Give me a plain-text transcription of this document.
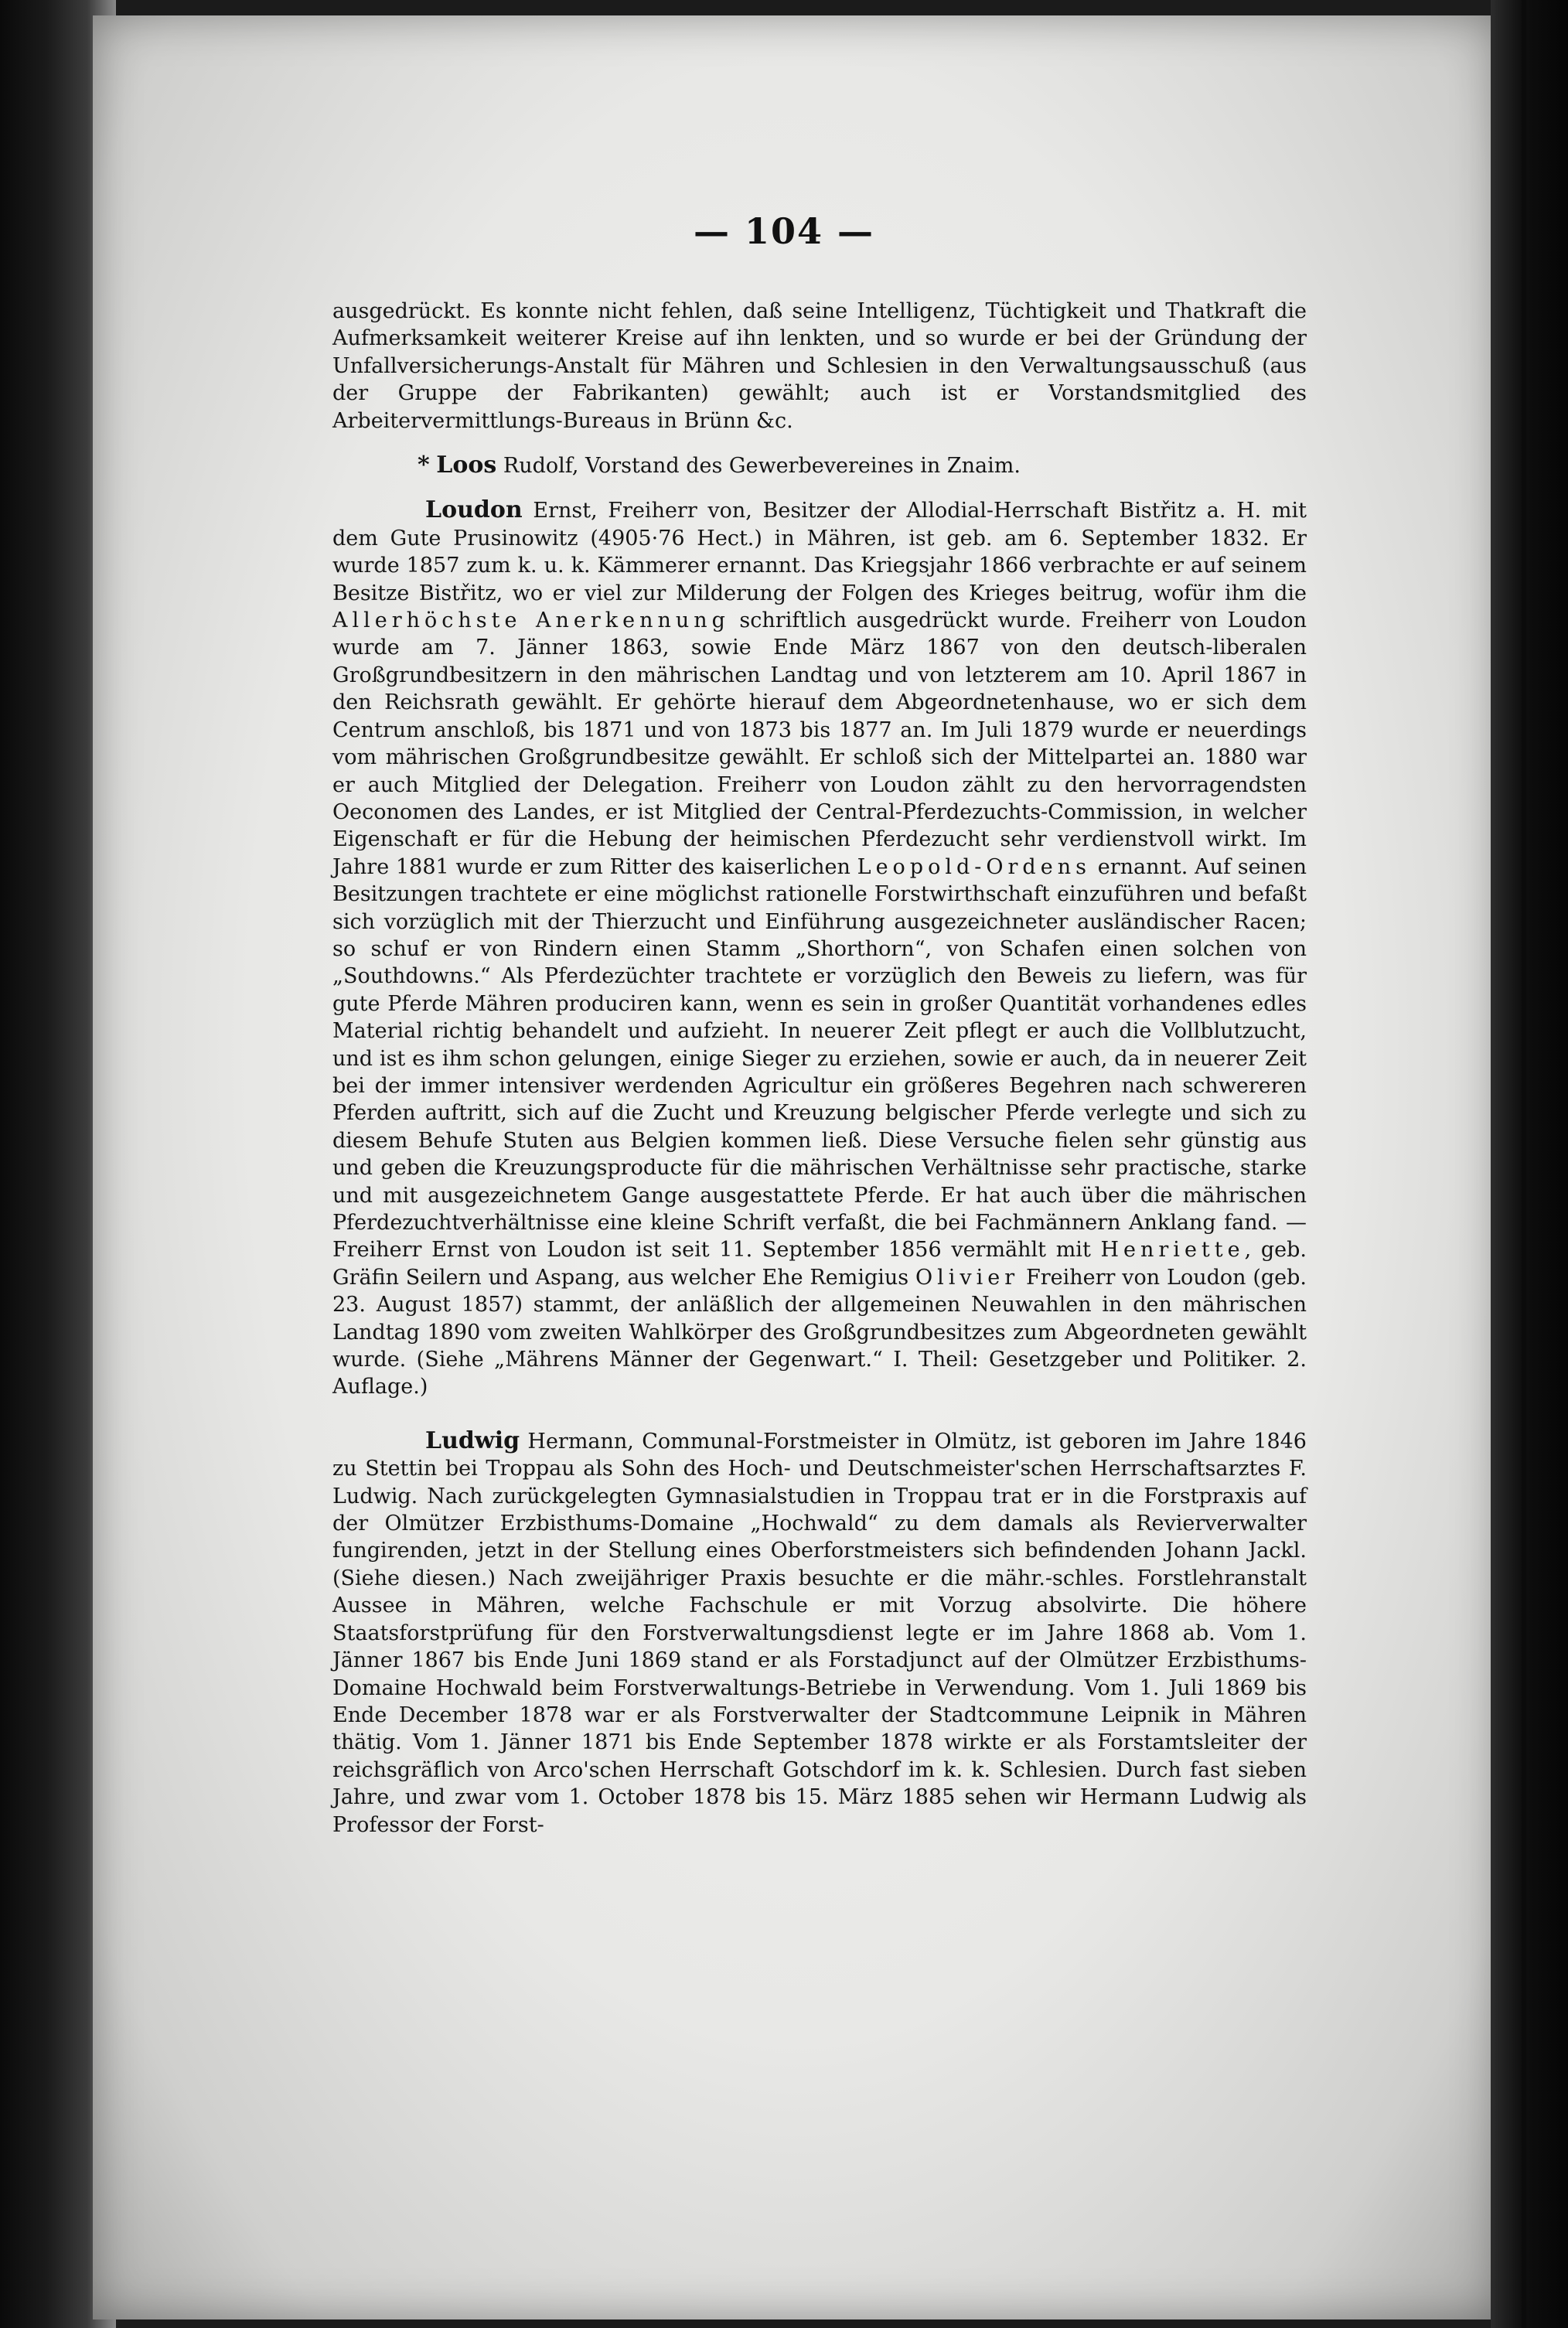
— 104 —

ausgedrückt. Es konnte nicht fehlen, daß seine Intelligenz, Tüchtigkeit und Thatkraft die Aufmerksamkeit weiterer Kreise auf ihn lenkten, und so wurde er bei der Gründung der Unfallversicherungs-Anstalt für Mähren und Schlesien in den Verwaltungsausschuß (aus der Gruppe der Fabrikanten) gewählt; auch ist er Vorstandsmitglied des Arbeitervermittlungs-Bureaus in Brünn &c.

* Loos Rudolf, Vorstand des Gewerbevereines in Znaim.

Loudon Ernst, Freiherr von, Besitzer der Allodial-Herrschaft Bistřitz a. H. mit dem Gute Prusinowitz (4905·76 Hect.) in Mähren, ist geb. am 6. September 1832. Er wurde 1857 zum k. u. k. Kämmerer ernannt. Das Kriegsjahr 1866 verbrachte er auf seinem Besitze Bistřitz, wo er viel zur Milderung der Folgen des Krieges beitrug, wofür ihm die Allerhöchste Anerkennung schriftlich ausgedrückt wurde. Freiherr von Loudon wurde am 7. Jänner 1863, sowie Ende März 1867 von den deutsch-liberalen Großgrundbesitzern in den mährischen Landtag und von letzterem am 10. April 1867 in den Reichsrath gewählt. Er gehörte hierauf dem Abgeordnetenhause, wo er sich dem Centrum anschloß, bis 1871 und von 1873 bis 1877 an. Im Juli 1879 wurde er neuerdings vom mährischen Großgrundbesitze gewählt. Er schloß sich der Mittelpartei an. 1880 war er auch Mitglied der Delegation. Freiherr von Loudon zählt zu den hervorragendsten Oeconomen des Landes, er ist Mitglied der Central-Pferdezuchts-Commission, in welcher Eigenschaft er für die Hebung der heimischen Pferdezucht sehr verdienstvoll wirkt. Im Jahre 1881 wurde er zum Ritter des kaiserlichen Leopold-Ordens ernannt. Auf seinen Besitzungen trachtete er eine möglichst rationelle Forstwirthschaft einzuführen und befaßt sich vorzüglich mit der Thierzucht und Einführung ausgezeichneter ausländischer Racen; so schuf er von Rindern einen Stamm „Shorthorn“, von Schafen einen solchen von „Southdowns.“ Als Pferdezüchter trachtete er vorzüglich den Beweis zu liefern, was für gute Pferde Mähren produciren kann, wenn es sein in großer Quantität vorhandenes edles Material richtig behandelt und aufzieht. In neuerer Zeit pflegt er auch die Vollblutzucht, und ist es ihm schon gelungen, einige Sieger zu erziehen, sowie er auch, da in neuerer Zeit bei der immer intensiver werdenden Agricultur ein größeres Begehren nach schwereren Pferden auftritt, sich auf die Zucht und Kreuzung belgischer Pferde verlegte und sich zu diesem Behufe Stuten aus Belgien kommen ließ. Diese Versuche fielen sehr günstig aus und geben die Kreuzungsproducte für die mährischen Verhältnisse sehr practische, starke und mit ausgezeichnetem Gange ausgestattete Pferde. Er hat auch über die mährischen Pferdezuchtverhältnisse eine kleine Schrift verfaßt, die bei Fachmännern Anklang fand. — Freiherr Ernst von Loudon ist seit 11. September 1856 vermählt mit Henriette, geb. Gräfin Seilern und Aspang, aus welcher Ehe Remigius Olivier Freiherr von Loudon (geb. 23. August 1857) stammt, der anläßlich der allgemeinen Neuwahlen in den mährischen Landtag 1890 vom zweiten Wahlkörper des Großgrundbesitzes zum Abgeordneten gewählt wurde. (Siehe „Mährens Männer der Gegenwart.“ I. Theil: Gesetzgeber und Politiker. 2. Auflage.)

Ludwig Hermann, Communal-Forstmeister in Olmütz, ist geboren im Jahre 1846 zu Stettin bei Troppau als Sohn des Hoch- und Deutschmeister'schen Herrschaftsarztes F. Ludwig. Nach zurückgelegten Gymnasialstudien in Troppau trat er in die Forstpraxis auf der Olmützer Erzbisthums-Domaine „Hochwald“ zu dem damals als Revierverwalter fungirenden, jetzt in der Stellung eines Oberforstmeisters sich befindenden Johann Jackl. (Siehe diesen.) Nach zweijähriger Praxis besuchte er die mähr.-schles. Forstlehranstalt Aussee in Mähren, welche Fachschule er mit Vorzug absolvirte. Die höhere Staatsforstprüfung für den Forstverwaltungsdienst legte er im Jahre 1868 ab. Vom 1. Jänner 1867 bis Ende Juni 1869 stand er als Forstadjunct auf der Olmützer Erzbisthums-Domaine Hochwald beim Forstverwaltungs-Betriebe in Verwendung. Vom 1. Juli 1869 bis Ende December 1878 war er als Forstverwalter der Stadtcommune Leipnik in Mähren thätig. Vom 1. Jänner 1871 bis Ende September 1878 wirkte er als Forstamtsleiter der reichsgräflich von Arco'schen Herrschaft Gotschdorf im k. k. Schlesien. Durch fast sieben Jahre, und zwar vom 1. October 1878 bis 15. März 1885 sehen wir Hermann Ludwig als Professor der Forst-
